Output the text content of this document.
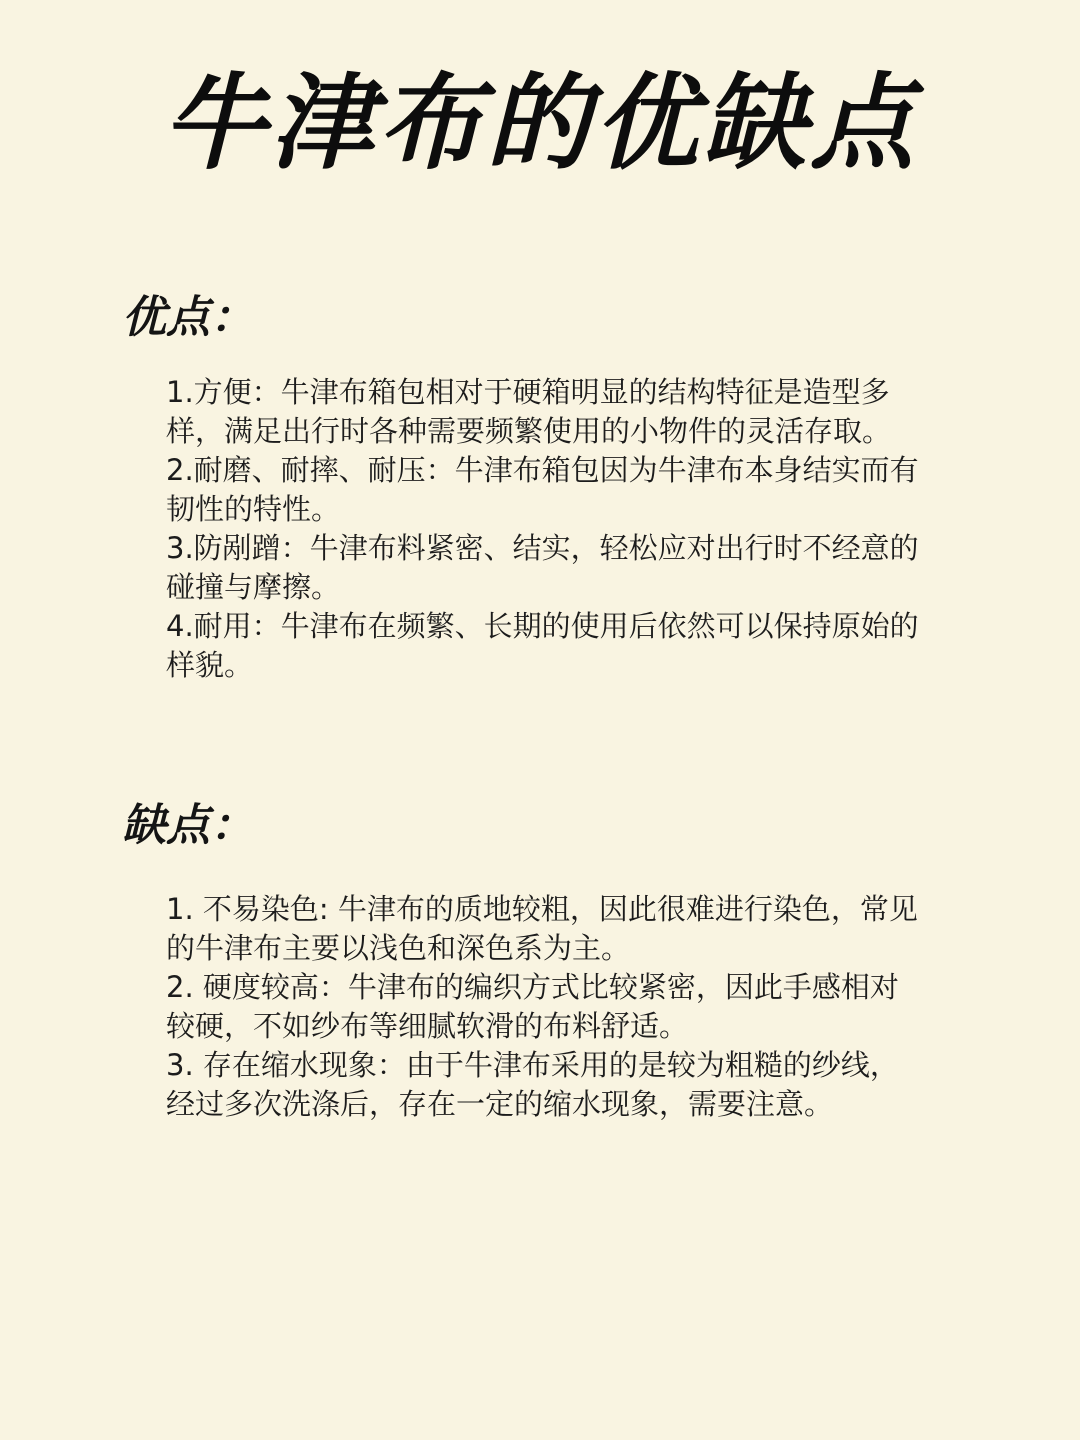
牛津布的优缺点
优点：

1.方便：牛津布箱包相对于硬箱明显的结构特征是造型多样，满足出行时各种需要频繁使用的小物件的灵活存取。

2.耐磨、耐摔、耐压：牛津布箱包因为牛津布本身结实而有韧性的特性。

3.防剐蹭：牛津布料紧密、结实，轻松应对出行时不经意的碰撞与摩擦。

4.耐用：牛津布在频繁、长期的使用后依然可以保持原始的样貌。

缺点：

1. 不易染色: 牛津布的质地较粗，因此很难进行染色，常见的牛津布主要以浅色和深色系为主。

2. 硬度较高：牛津布的编织方式比较紧密，因此手感相对较硬，不如纱布等细腻软滑的布料舒适。

3. 存在缩水现象：由于牛津布采用的是较为粗糙的纱线，经过多次洗涤后，存在一定的缩水现象，需要注意。
